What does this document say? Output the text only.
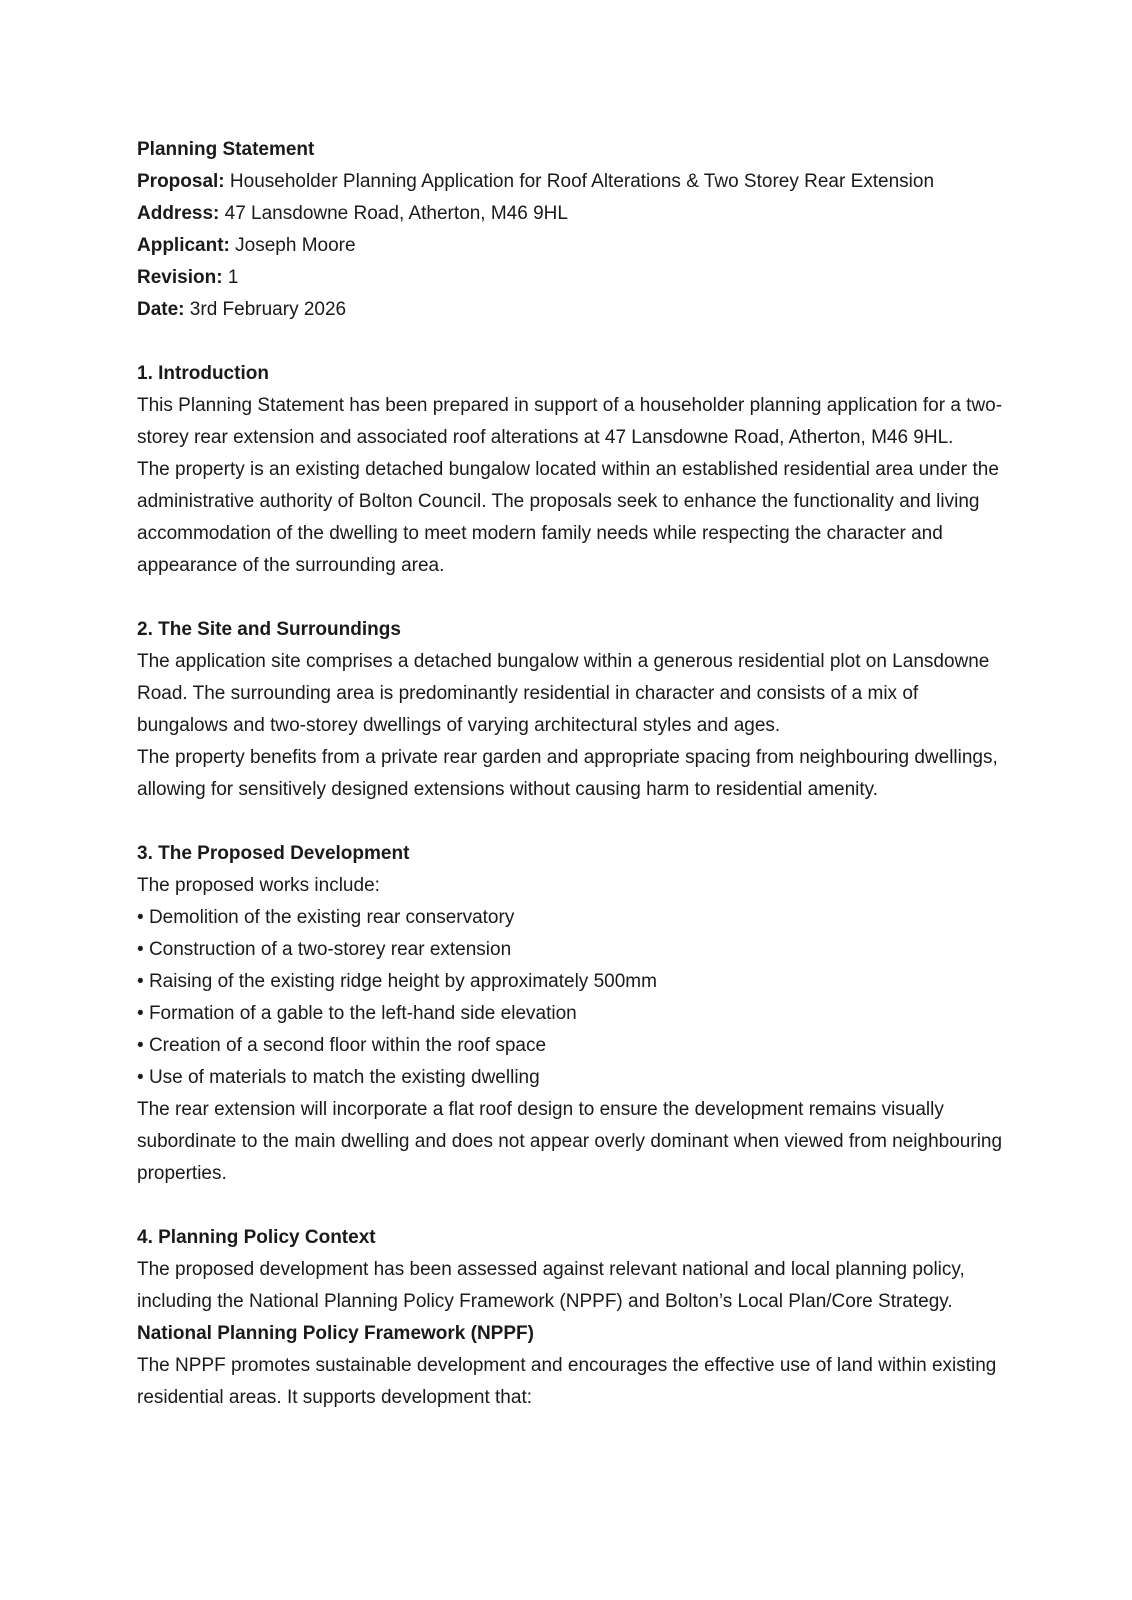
Planning Statement
Proposal: Householder Planning Application for Roof Alterations & Two Storey Rear Extension
Address: 47 Lansdowne Road, Atherton, M46 9HL
Applicant: Joseph Moore
Revision: 1
Date: 3rd February 2026
1. Introduction
This Planning Statement has been prepared in support of a householder planning application for a two-storey rear extension and associated roof alterations at 47 Lansdowne Road, Atherton, M46 9HL.
The property is an existing detached bungalow located within an established residential area under the administrative authority of Bolton Council. The proposals seek to enhance the functionality and living accommodation of the dwelling to meet modern family needs while respecting the character and appearance of the surrounding area.
2. The Site and Surroundings
The application site comprises a detached bungalow within a generous residential plot on Lansdowne Road. The surrounding area is predominantly residential in character and consists of a mix of bungalows and two-storey dwellings of varying architectural styles and ages.
The property benefits from a private rear garden and appropriate spacing from neighbouring dwellings, allowing for sensitively designed extensions without causing harm to residential amenity.
3. The Proposed Development
The proposed works include:
• Demolition of the existing rear conservatory
• Construction of a two-storey rear extension
• Raising of the existing ridge height by approximately 500mm
• Formation of a gable to the left-hand side elevation
• Creation of a second floor within the roof space
• Use of materials to match the existing dwelling
The rear extension will incorporate a flat roof design to ensure the development remains visually subordinate to the main dwelling and does not appear overly dominant when viewed from neighbouring properties.
4. Planning Policy Context
The proposed development has been assessed against relevant national and local planning policy, including the National Planning Policy Framework (NPPF) and Bolton’s Local Plan/Core Strategy.
National Planning Policy Framework (NPPF)
The NPPF promotes sustainable development and encourages the effective use of land within existing residential areas. It supports development that:
